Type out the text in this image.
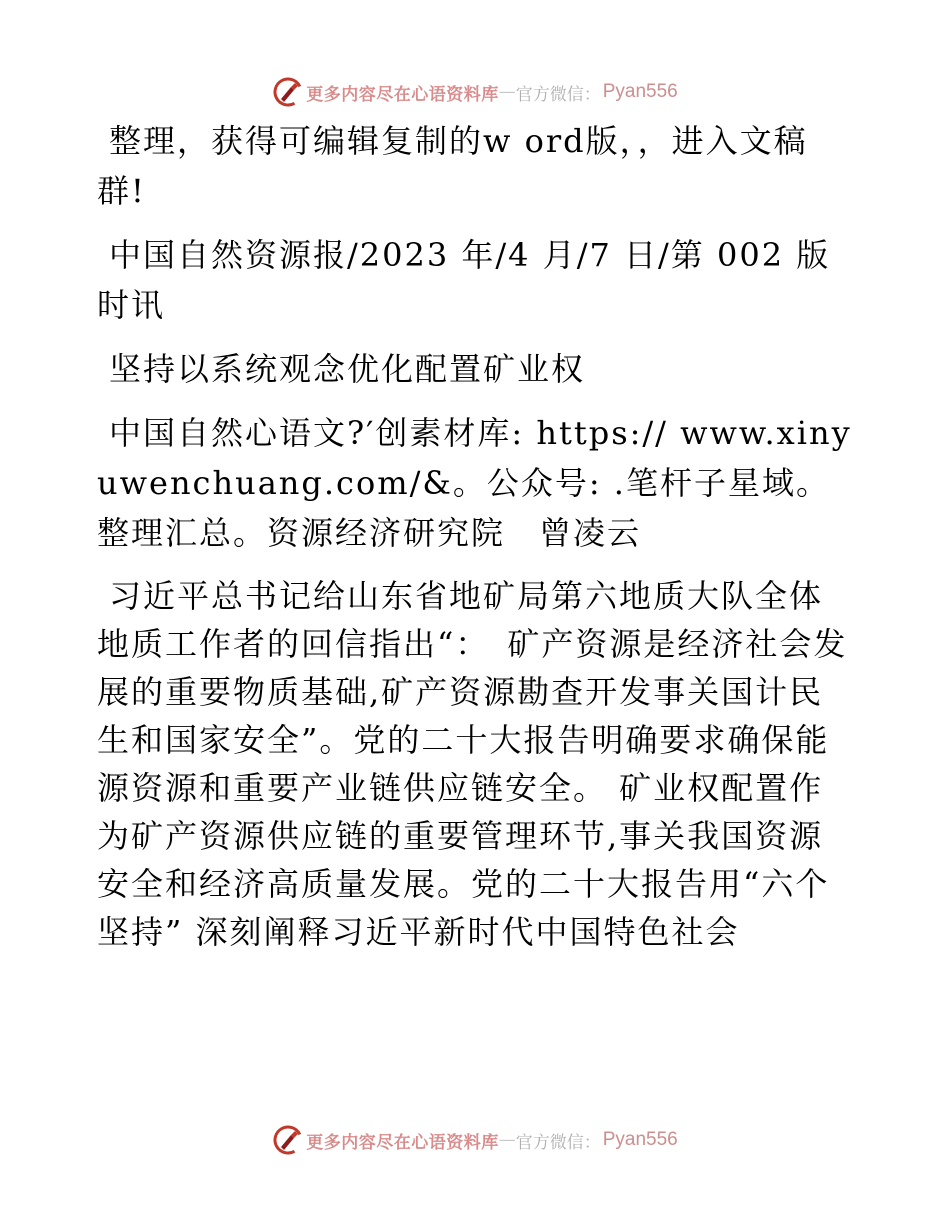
更多内容尽在心语资料库 — 官方微信： Pyan556

整理，获得可编辑复制的w ord版，，进入文稿群!

中国自然资源报/2023 年/4 月/7 日/第 002 版时讯

坚持以系统观念优化配置矿业权

中国自然心语文?′创素材库: https:// www.xinyuwenchuang.com/&。公众号: .笔杆子星域。整理汇总。资源经济研究院　曾凌云

习近平总书记给山东省地矿局第六地质大队全体地质工作者的回信指出“：　矿产资源是经济社会发展的重要物质基础,矿产资源勘查开发事关国计民生和国家安全”。党的二十大报告明确要求确保能源资源和重要产业链供应链安全。 矿业权配置作为矿产资源供应链的重要管理环节,事关我国资源安全和经济高质量发展。党的二十大报告用“六个坚持” 深刻阐释习近平新时代中国特色社会

更多内容尽在心语资料库 — 官方微信： Pyan556
